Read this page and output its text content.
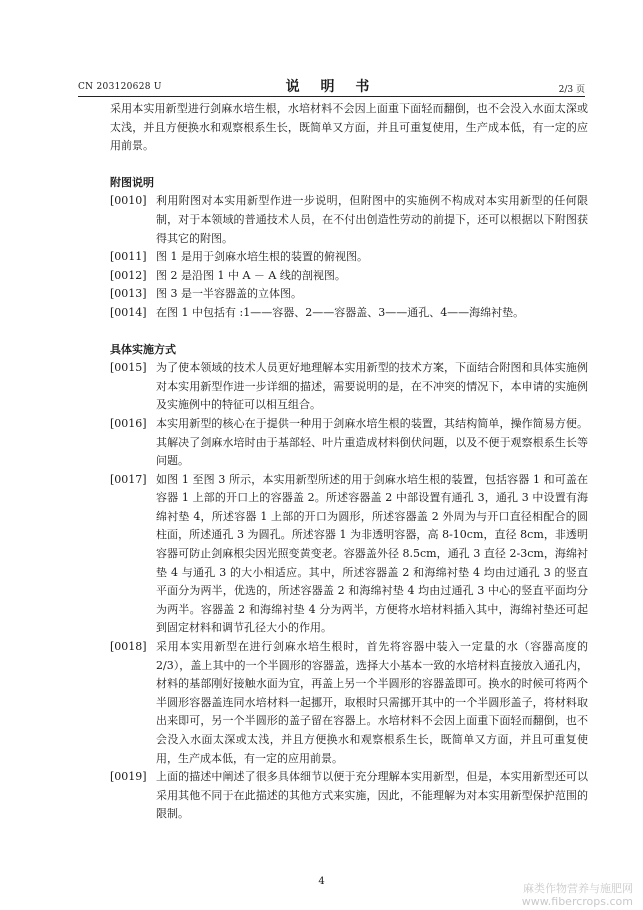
CN 203120628 U	说 明 书	2/3 页

采用本实用新型进行剑麻水培生根，水培材料不会因上面重下面轻而翻倒，也不会没入水面太深或太浅，并且方便换水和观察根系生长，既简单又方面，并且可重复使用，生产成本低，有一定的应用前景。

附图说明

[0010] 利用附图对本实用新型作进一步说明，但附图中的实施例不构成对本实用新型的任何限制，对于本领域的普通技术人员，在不付出创造性劳动的前提下，还可以根据以下附图获得其它的附图。
[0011] 图 1 是用于剑麻水培生根的装置的俯视图。
[0012] 图 2 是沿图 1 中 A － A 线的剖视图。
[0013] 图 3 是一半容器盖的立体图。
[0014] 在图 1 中包括有 :1——容器、2——容器盖、3——通孔、4——海绵衬垫。

具体实施方式

[0015] 为了使本领域的技术人员更好地理解本实用新型的技术方案，下面结合附图和具体实施例对本实用新型作进一步详细的描述，需要说明的是，在不冲突的情况下，本申请的实施例及实施例中的特征可以相互组合。
[0016] 本实用新型的核心在于提供一种用于剑麻水培生根的装置，其结构简单，操作简易方便。其解决了剑麻水培时由于基部轻、叶片重造成材料倒伏问题，以及不便于观察根系生长等问题。
[0017] 如图 1 至图 3 所示，本实用新型所述的用于剑麻水培生根的装置，包括容器 1 和可盖在容器 1 上部的开口上的容器盖 2。所述容器盖 2 中部设置有通孔 3，通孔 3 中设置有海绵衬垫 4，所述容器 1 上部的开口为圆形，所述容器盖 2 外周为与开口直径相配合的圆柱面，所述通孔 3 为圆孔。所述容器 1 为非透明容器，高 8-10cm，直径 8cm，非透明容器可防止剑麻根尖因光照变黄变老。容器盖外径 8.5cm，通孔 3 直径 2-3cm，海绵衬垫 4 与通孔 3 的大小相适应。其中，所述容器盖 2 和海绵衬垫 4 均由过通孔 3 的竖直平面分为两半，优选的，所述容器盖 2 和海绵衬垫 4 均由过通孔 3 中心的竖直平面均分为两半。容器盖 2 和海绵衬垫 4 分为两半，方便将水培材料插入其中，海绵衬垫还可起到固定材料和调节孔径大小的作用。
[0018] 采用本实用新型在进行剑麻水培生根时，首先将容器中装入一定量的水（容器高度的 2/3），盖上其中的一个半圆形的容器盖，选择大小基本一致的水培材料直接放入通孔内，材料的基部刚好接触水面为宜，再盖上另一个半圆形的容器盖即可。换水的时候可将两个半圆形容器盖连同水培材料一起挪开，取根时只需挪开其中的一个半圆形盖子，将材料取出来即可，另一个半圆形的盖子留在容器上。水培材料不会因上面重下面轻而翻倒，也不会没入水面太深或太浅，并且方便换水和观察根系生长，既简单又方面，并且可重复使用，生产成本低，有一定的应用前景。
[0019] 上面的描述中阐述了很多具体细节以便于充分理解本实用新型，但是，本实用新型还可以采用其他不同于在此描述的其他方式来实施，因此，不能理解为对本实用新型保护范围的限制。
4
麻类作物营养与施肥网
www.fibercrops.com
